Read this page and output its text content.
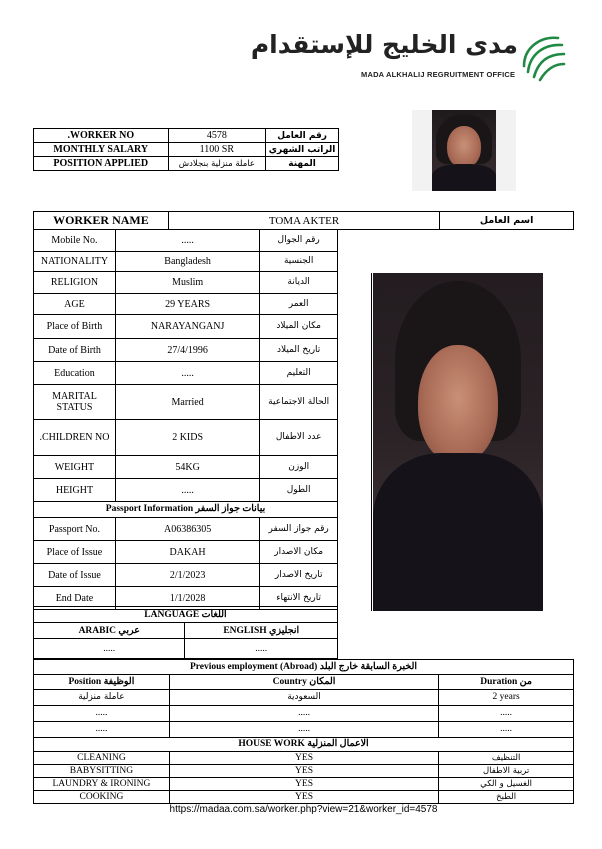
مدى الخليج للإستقدام
MADA ALKHALIJ REGRUITMENT OFFICE
.WORKER NO	4578	رقم العامل
MONTHLY SALARY	1100 SR	الراتب الشهري
POSITION APPLIED	عاملة منزلية بنجلادش	المهنة
WORKER NAME	TOMA AKTER	اسم العامل
Mobile No.	.....	رقم الجوال
NATIONALITY	Bangladesh	الجنسية
RELIGION	Muslim	الديانة
AGE	29 YEARS	العمر
Place of Birth	NARAYANGANJ	مكان الميلاد
Date of Birth	27/4/1996	تاريخ الميلاد
Education	.....	التعليم
MARITAL STATUS	Married	الحالة الاجتماعية
.CHILDREN NO	2 KIDS	عدد الاطفال
WEIGHT	54KG	الوزن
HEIGHT	.....	الطول
Passport Information بيانات جواز السفر		
Passport No.	A06386305	رقم جواز السفر
Place of Issue	DAKAH	مكان الاصدار
Date of Issue	2/1/2023	تاريخ الاصدار
End Date	1/1/2028	تاريخ الانتهاء
LANGUAGE اللغات	
ARABIC عربي	ENGLISH انجليزي
.....	.....
Previous employment (Abroad) الخبرة السابقة خارج البلد		
Position الوظيفة	Country المكان	Duration من
عاملة منزلية	السعودية	2 years
.....	.....	.....
.....	.....	.....
HOUSE WORK الاعمال المنزلية		
CLEANING	YES	التنظيف
BABYSITTING	YES	تربية الاطفال
LAUNDRY & IRONING	YES	الغسيل و الكي
COOKING	YES	الطبخ
https://madaa.com.sa/worker.php?view=21&worker_id=4578
